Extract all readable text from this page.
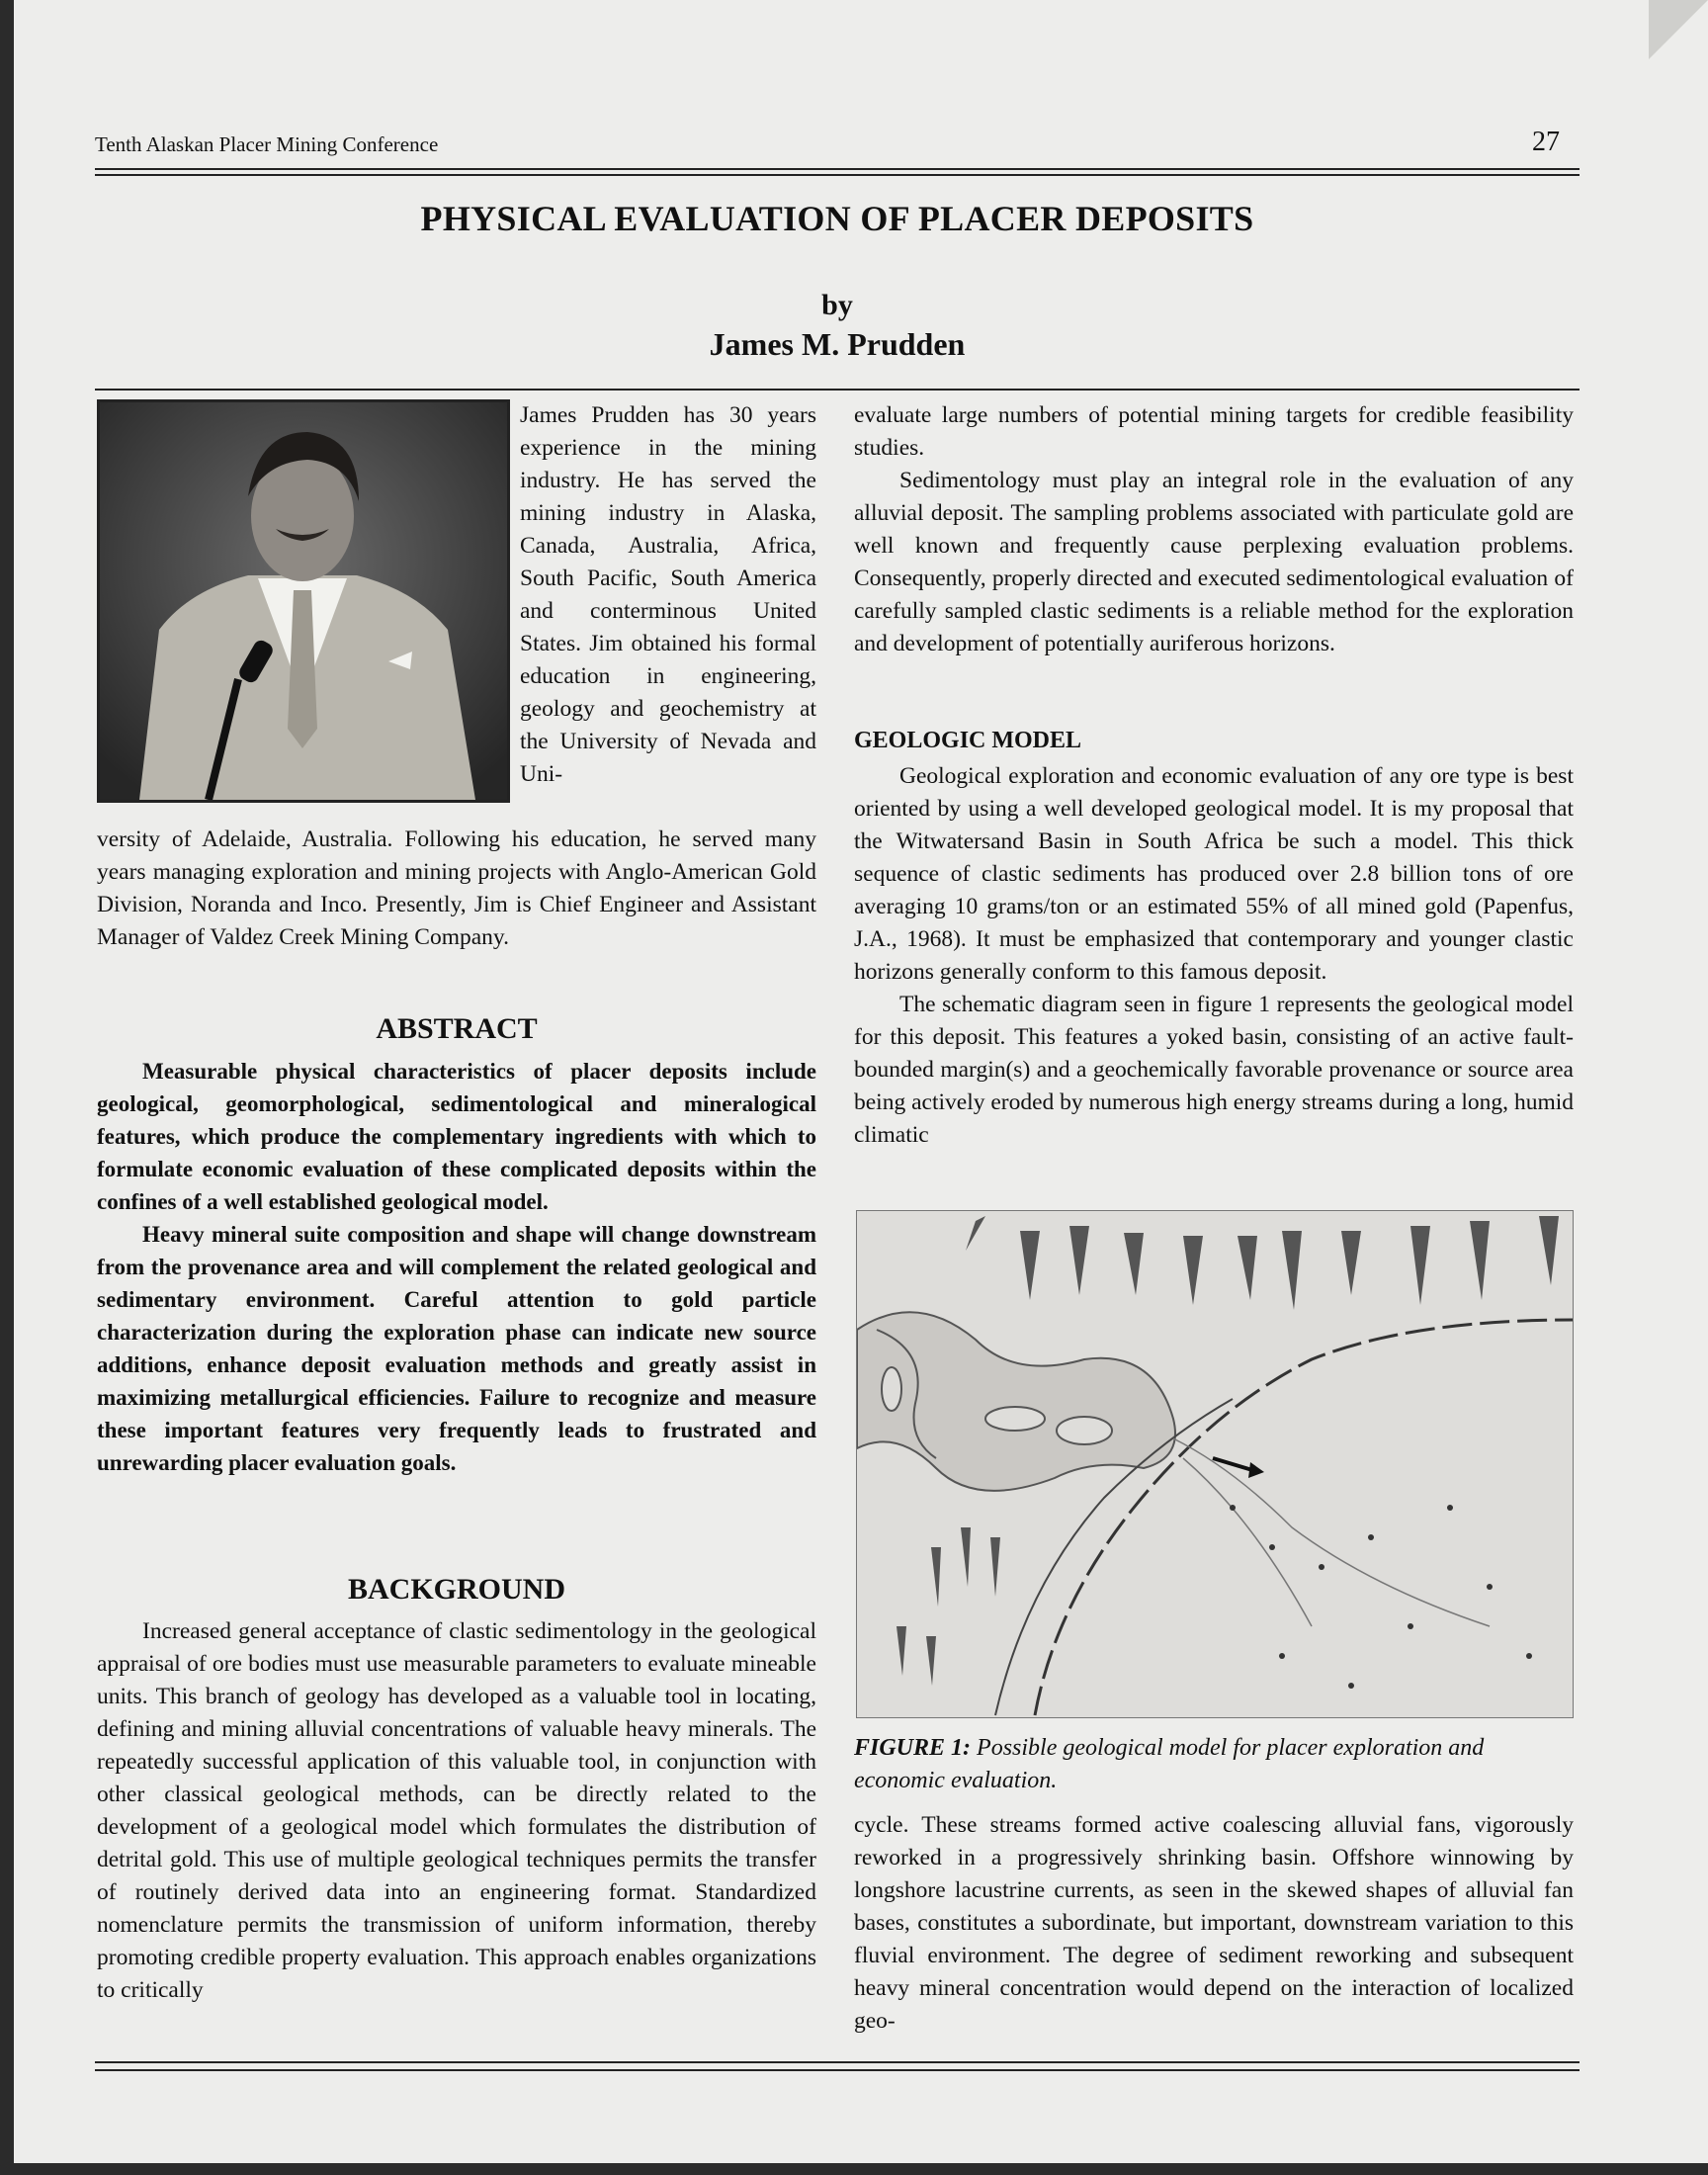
Tenth Alaskan Placer Mining Conference	27
PHYSICAL EVALUATION OF PLACER DEPOSITS
by
James M. Prudden

James Prudden has 30 years experience in the mining industry. He has served the mining industry in Alaska, Canada, Australia, Africa, South Pacific, South America and conterminous United States. Jim obtained his formal education in engineering, geology and geochemistry at the University of Nevada and Uni-

versity of Adelaide, Australia. Following his education, he served many years managing exploration and mining projects with Anglo-American Gold Division, Noranda and Inco. Presently, Jim is Chief Engineer and Assistant Manager of Valdez Creek Mining Company.

ABSTRACT

Measurable physical characteristics of placer deposits include geological, geomorphological, sedimentological and mineralogical features, which produce the complementary ingredients with which to formulate economic evaluation of these complicated deposits within the confines of a well established geological model.

Heavy mineral suite composition and shape will change downstream from the provenance area and will complement the related geological and sedimentary environment. Careful attention to gold particle characterization during the exploration phase can indicate new source additions, enhance deposit evaluation methods and greatly assist in maximizing metallurgical efficiencies. Failure to recognize and measure these important features very frequently leads to frustrated and unrewarding placer evaluation goals.

BACKGROUND

Increased general acceptance of clastic sedimentology in the geological appraisal of ore bodies must use measurable parameters to evaluate mineable units. This branch of geology has developed as a valuable tool in locating, defining and mining alluvial concentrations of valuable heavy minerals. The repeatedly successful application of this valuable tool, in conjunction with other classical geological methods, can be directly related to the development of a geological model which formulates the distribution of detrital gold. This use of multiple geological techniques permits the transfer of routinely derived data into an engineering format. Standardized nomenclature permits the transmission of uniform information, thereby promoting credible property evaluation. This approach enables organizations to critically

evaluate large numbers of potential mining targets for credible feasibility studies.

Sedimentology must play an integral role in the evaluation of any alluvial deposit. The sampling problems associated with particulate gold are well known and frequently cause perplexing evaluation problems. Consequently, properly directed and executed sedimentological evaluation of carefully sampled clastic sediments is a reliable method for the exploration and development of potentially auriferous horizons.

GEOLOGIC MODEL

Geological exploration and economic evaluation of any ore type is best oriented by using a well developed geological model. It is my proposal that the Witwatersand Basin in South Africa be such a model. This thick sequence of clastic sediments has produced over 2.8 billion tons of ore averaging 10 grams/ton or an estimated 55% of all mined gold (Papenfus, J.A., 1968). It must be emphasized that contemporary and younger clastic horizons generally conform to this famous deposit.

The schematic diagram seen in figure 1 represents the geological model for this deposit. This features a yoked basin, consisting of an active fault-bounded margin(s) and a geochemically favorable provenance or source area being actively eroded by numerous high energy streams during a long, humid climatic

FIGURE 1: Possible geological model for placer exploration and economic evaluation.

cycle. These streams formed active coalescing alluvial fans, vigorously reworked in a progressively shrinking basin. Offshore winnowing by longshore lacustrine currents, as seen in the skewed shapes of alluvial fan bases, constitutes a subordinate, but important, downstream variation to this fluvial environment. The degree of sediment reworking and subsequent heavy mineral concentration would depend on the interaction of localized geo-
